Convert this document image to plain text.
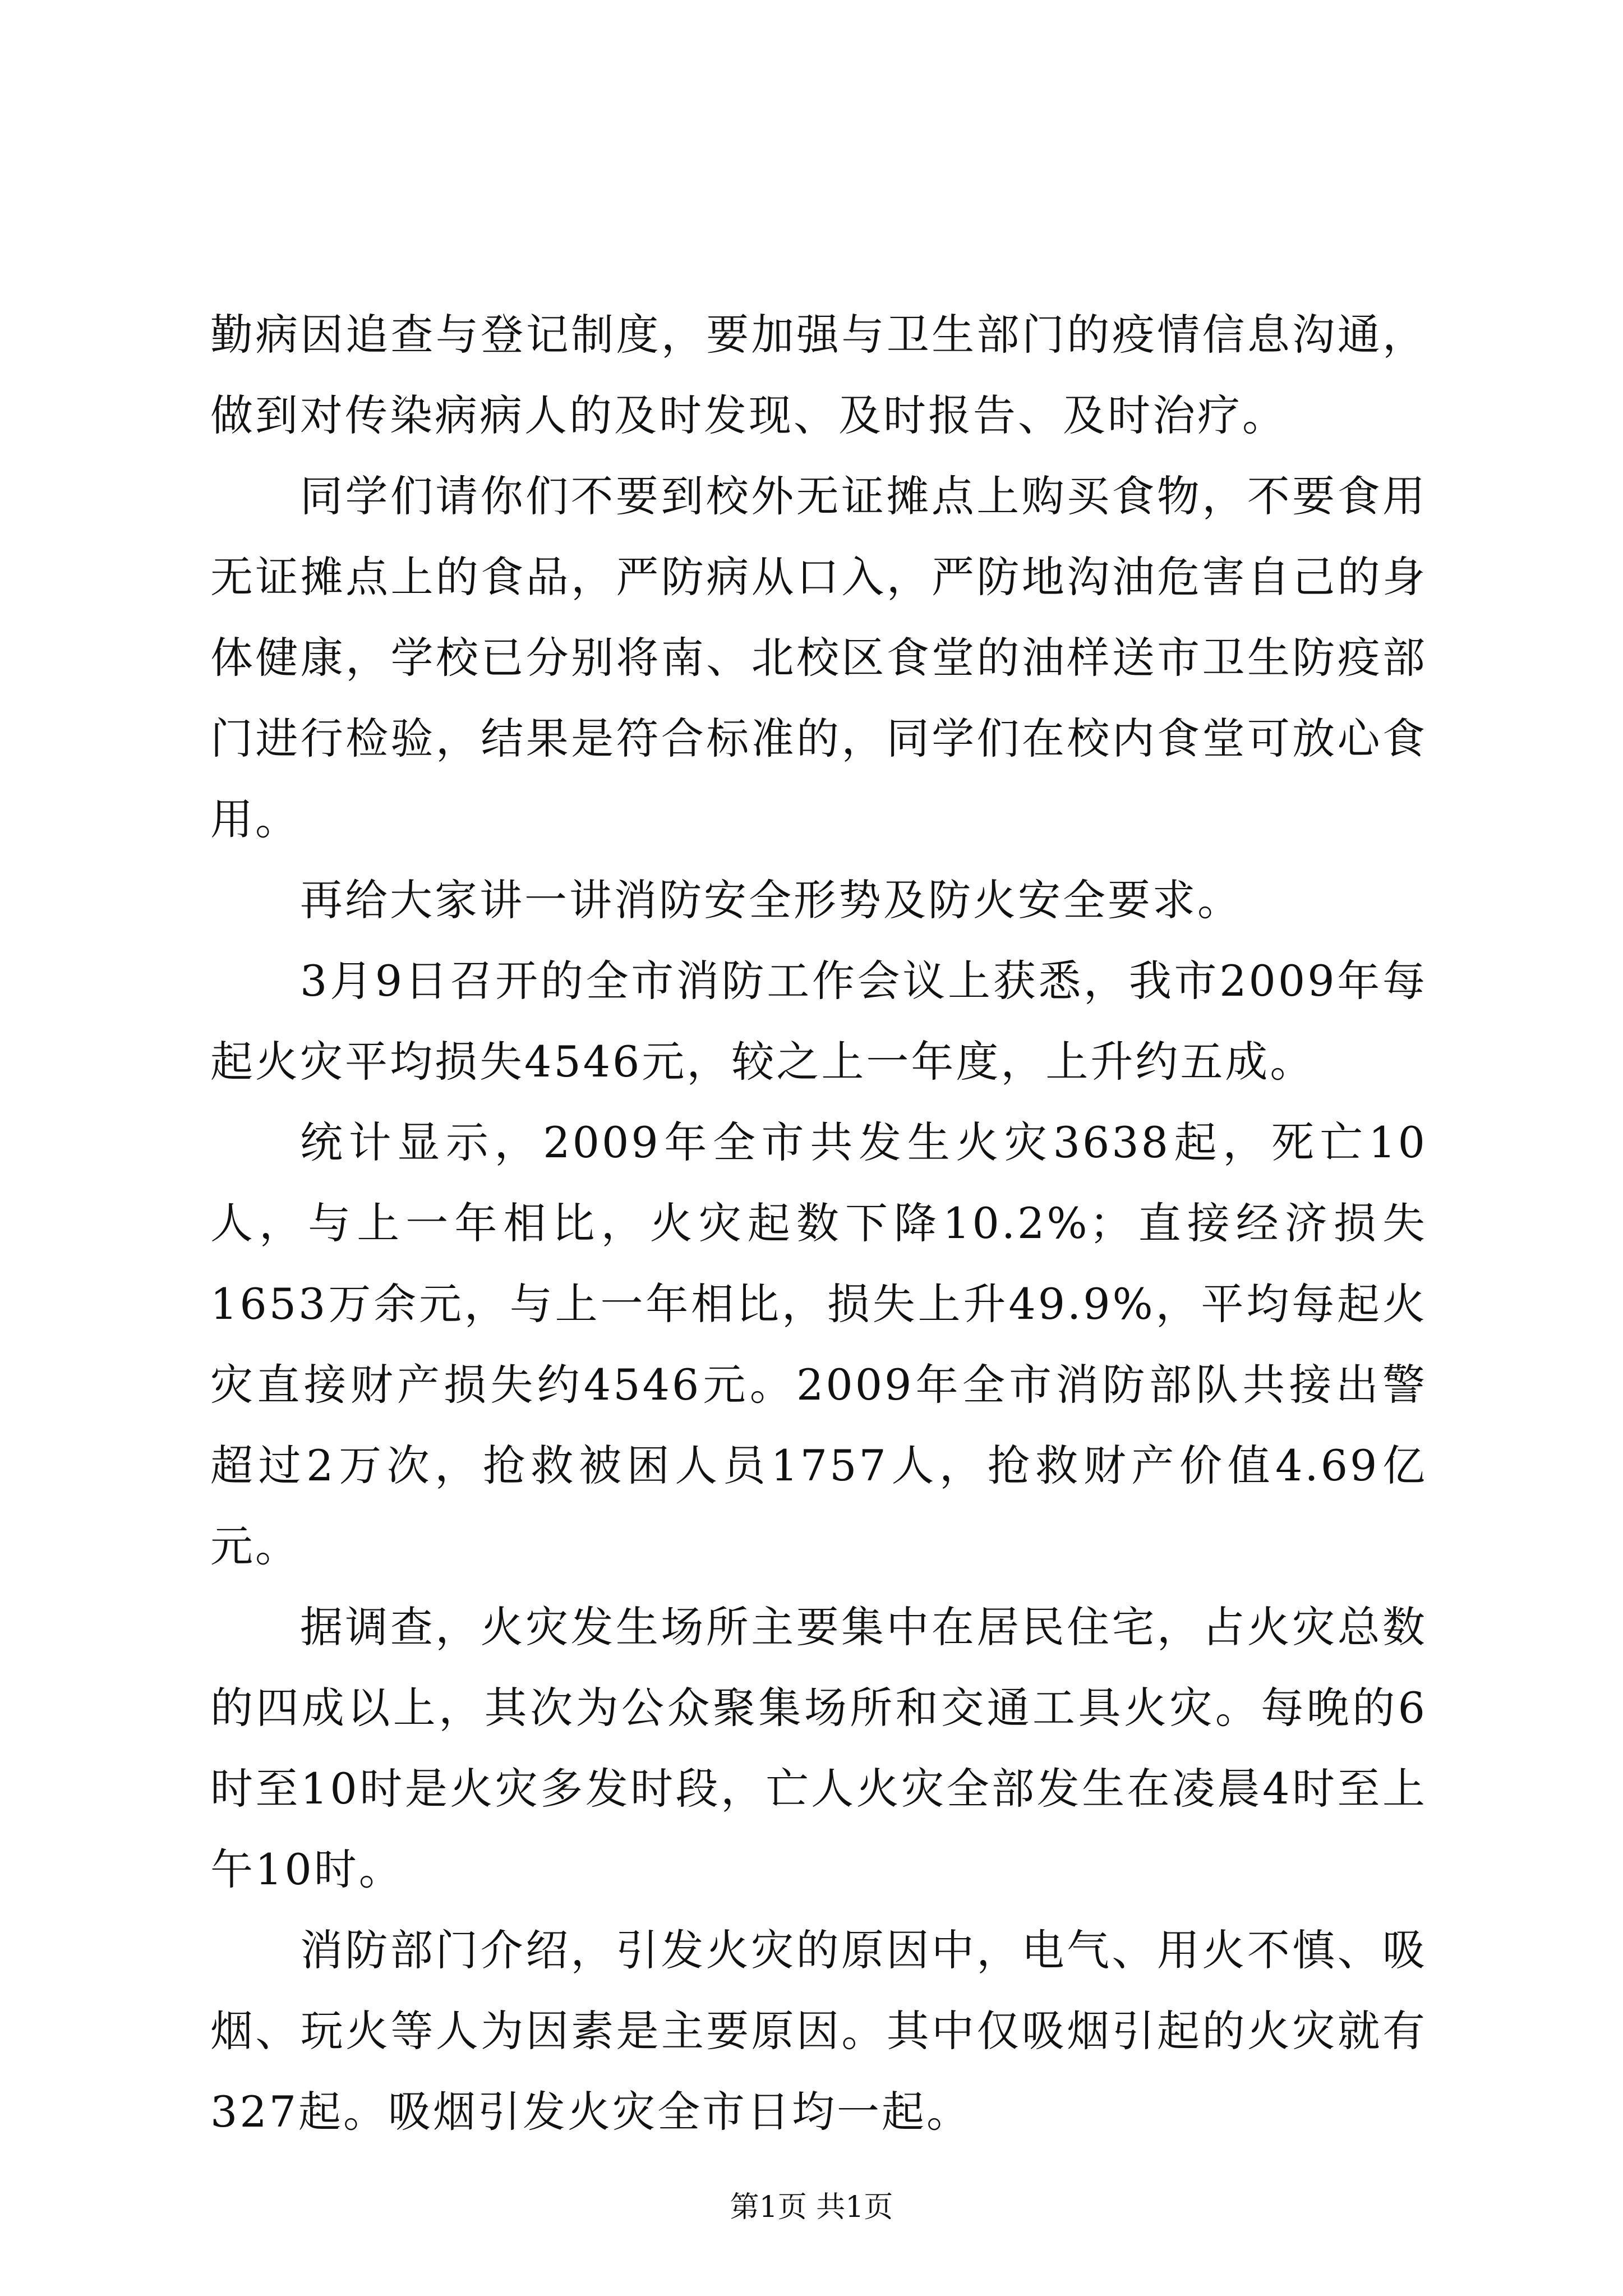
勤病因追查与登记制度，要加强与卫生部门的疫情信息沟通，做到对传染病病人的及时发现、及时报告、及时治疗。

同学们请你们不要到校外无证摊点上购买食物，不要食用无证摊点上的食品，严防病从口入，严防地沟油危害自己的身体健康，学校已分别将南、北校区食堂的油样送市卫生防疫部门进行检验，结果是符合标准的，同学们在校内食堂可放心食用。

再给大家讲一讲消防安全形势及防火安全要求。

3月9日召开的全市消防工作会议上获悉，我市2009年每起火灾平均损失4546元，较之上一年度，上升约五成。

统计显示，2009年全市共发生火灾3638起，死亡10人，与上一年相比，火灾起数下降10.2%；直接经济损失1653万余元，与上一年相比，损失上升49.9%，平均每起火灾直接财产损失约4546元。2009年全市消防部队共接出警超过2万次，抢救被困人员1757人，抢救财产价值4.69亿元。

据调查，火灾发生场所主要集中在居民住宅，占火灾总数的四成以上，其次为公众聚集场所和交通工具火灾。每晚的6时至10时是火灾多发时段，亡人火灾全部发生在凌晨4时至上午10时。

消防部门介绍，引发火灾的原因中，电气、用火不慎、吸烟、玩火等人为因素是主要原因。其中仅吸烟引起的火灾就有327起。吸烟引发火灾全市日均一起。

第1页 共1页
